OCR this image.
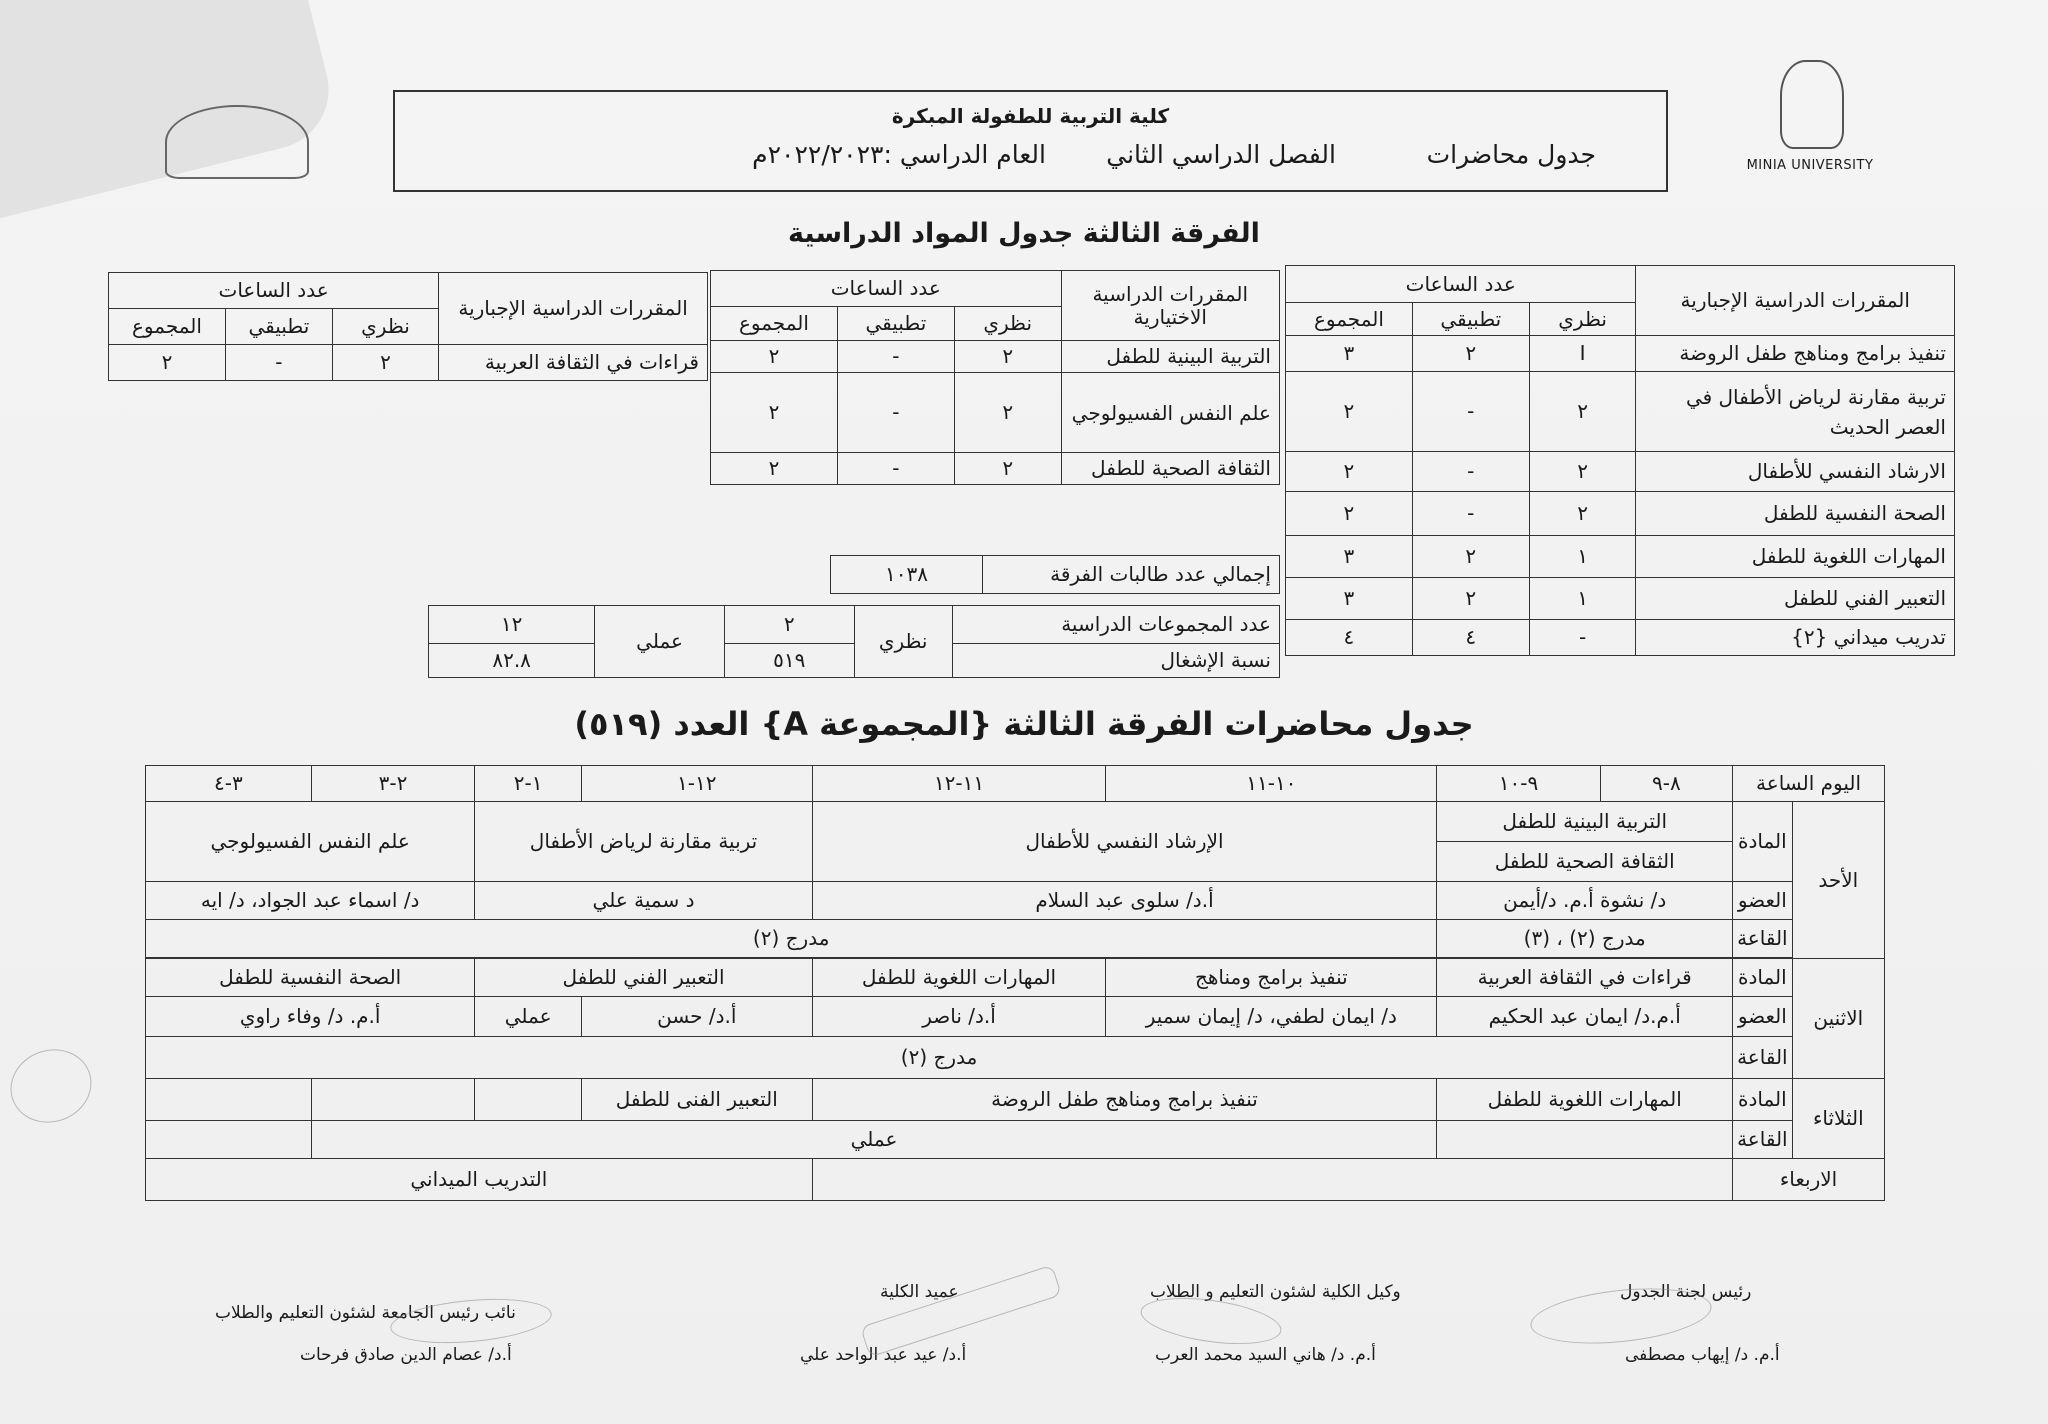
MINIA UNIVERSITY
كلية التربية للطفولة المبكرة
جدول محاضرات
الفصل الدراسي الثاني
العام الدراسي :٢٠٢٢/٢٠٢٣م
الفرقة الثالثة جدول المواد الدراسية
المقررات الدراسية الإجبارية	عدد الساعات		
	نظري	تطبيقي	المجموع
تنفيذ برامج ومناهج طفل الروضة	I	٢	٣
تربية مقارنة لرياض الأطفال في العصر الحديث	٢	-	٢
الارشاد النفسي للأطفال	٢	-	٢
الصحة النفسية للطفل	٢	-	٢
المهارات اللغوية للطفل	١	٢	٣
التعبير الفني للطفل	١	٢	٣
تدريب ميداني {٢}	-	٤	٤
المقررات الدراسية الاختيارية	عدد الساعات		
	نظري	تطبيقي	المجموع
التربية البينية للطفل	٢	-	٢
علم النفس الفسيولوجي	٢	-	٢
الثقافة الصحية للطفل	٢	-	٢
المقررات الدراسية الإجبارية	عدد الساعات		
	نظري	تطبيقي	المجموع
قراءات في الثقافة العربية	٢	-	٢
إجمالي عدد طالبات الفرقة	١٠٣٨
عدد المجموعات الدراسية	نظري	٢	عملي	١٢
نسبة الإشغال		٥١٩		٨٢.٨
جدول محاضرات الفرقة الثالثة {المجموعة A} العدد (٥١٩)
اليوم الساعة		٨-٩	٩-١٠	١٠-١١	١١-١٢	١٢-١	١-٢	٢-٣	٣-٤
الأحد	المادة	التربية البينية للطفل		الإرشاد النفسي للأطفال		تربية مقارنة لرياض الأطفال		علم النفس الفسيولوجي	
		الثقافة الصحية للطفل							
	العضو	د/ نشوة أ.م. د/أيمن		أ.د/ سلوى عبد السلام		د سمية علي		د/ اسماء عبد الجواد، د/ ايه	
	القاعة	مدرج (٢) ، (٣)		مدرج (٢)					

الاثنين	المادة	قراءات في الثقافة العربية		تنفيذ برامج ومناهج	المهارات اللغوية للطفل	التعبير الفني للطفل		الصحة النفسية للطفل	
	العضو	أ.م.د/ ايمان عبد الحكيم		د/ ايمان لطفي، د/ إيمان سمير	أ.د/ ناصر	أ.د/ حسن	عملي	أ.م. د/ وفاء راوي	
	القاعة	مدرج (٢)							
الثلاثاء	المادة	المهارات اللغوية للطفل		تنفيذ برامج ومناهج طفل الروضة		التعبير الفنى للطفل			
	القاعة			عملي					
الاربعاء						التدريب الميداني			
رئيس لجنة الجدول
أ.م. د/ إيهاب مصطفى
وكيل الكلية لشئون التعليم و الطلاب
أ.م. د/ هاني السيد محمد العرب
عميد الكلية
أ.د/ عيد عبد الواحد علي
نائب رئيس الجامعة لشئون التعليم والطلاب
أ.د/ عصام الدين صادق فرحات
